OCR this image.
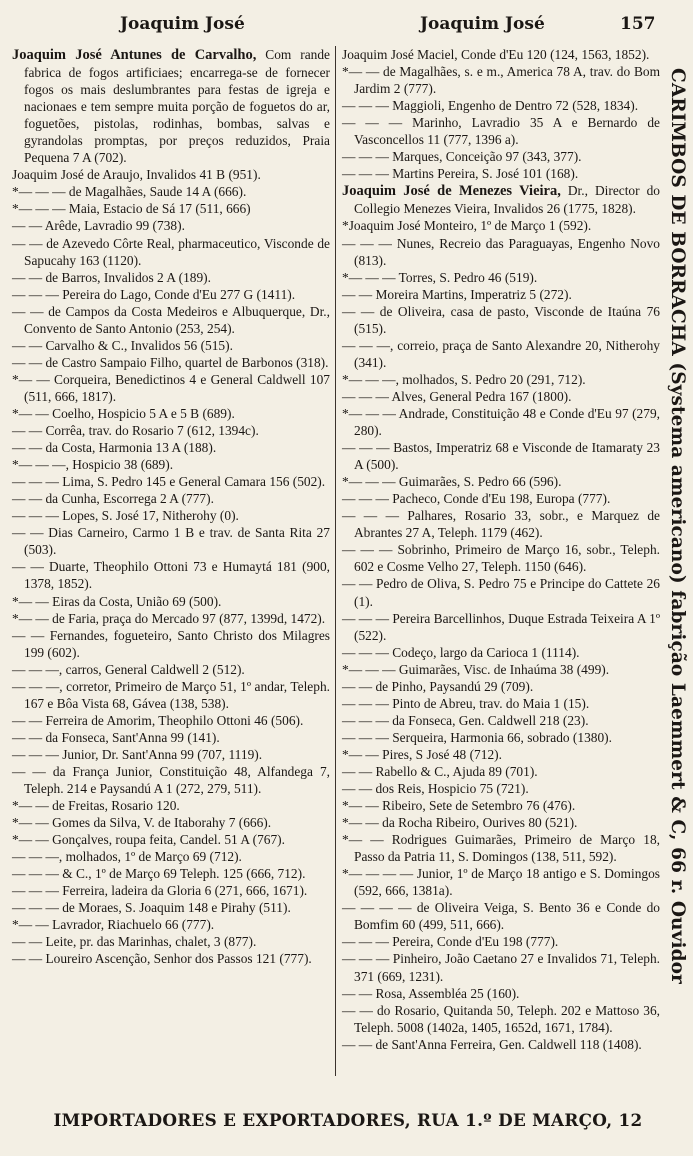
Joaquim José	Joaquim José	157

Joaquim José Antunes de Carvalho, Com rande fabrica de fogos artificiaes; encarrega-se de fornecer fogos os mais deslumbrantes para festas de igreja e nacionaes e tem sempre muita porção de foguetos do ar, foguetões, pistolas, rodinhas, bombas, salvas e gyrandolas promptas, por preços reduzidos, Praia Pequena 7 A (702).

Joaquim José de Araujo, Invalidos 41 B (951).

*— — — de Magalhães, Saude 14 A (666).

*— — — Maia, Estacio de Sá 17 (511, 666)

— — Arêde, Lavradio 99 (738).

— — de Azevedo Côrte Real, pharmaceutico, Visconde de Sapucahy 163 (1120).

— — de Barros, Invalidos 2 A (189).

— — — Pereira do Lago, Conde d'Eu 277 G (1411).

— — de Campos da Costa Medeiros e Albuquerque, Dr., Convento de Santo Antonio (253, 254).

— — Carvalho & C., Invalidos 56 (515).

— — de Castro Sampaio Filho, quartel de Barbonos (318).

*— — Corqueira, Benedictinos 4 e General Caldwell 107 (511, 666, 1817).

*— — Coelho, Hospicio 5 A e 5 B (689).

— — Corrêa, trav. do Rosario 7 (612, 1394c).

— — da Costa, Harmonia 13 A (188).

*— — —, Hospicio 38 (689).

— — — Lima, S. Pedro 145 e General Camara 156 (502).

— — da Cunha, Escorrega 2 A (777).

— — — Lopes, S. José 17, Nitherohy (0).

— — Dias Carneiro, Carmo 1 B e trav. de Santa Rita 27 (503).

— — Duarte, Theophilo Ottoni 73 e Humaytá 181 (900, 1378, 1852).

*— — Eiras da Costa, União 69 (500).

*— — de Faria, praça do Mercado 97 (877, 1399d, 1472).

— — Fernandes, fogueteiro, Santo Christo dos Milagres 199 (602).

— — —, carros, General Caldwell 2 (512).

— — —, corretor, Primeiro de Março 51, 1º andar, Teleph. 167 e Bôa Vista 68, Gávea (138, 538).

— — Ferreira de Amorim, Theophilo Ottoni 46 (506).

— — da Fonseca, Sant'Anna 99 (141).

— — — Junior, Dr. Sant'Anna 99 (707, 1119).

— — da França Junior, Constituição 48, Alfandega 7, Teleph. 214 e Paysandú A 1 (272, 279, 511).

*— — de Freitas, Rosario 120.

*— — Gomes da Silva, V. de Itaborahy 7 (666).

*— — Gonçalves, roupa feita, Candel. 51 A (767).

— — —, molhados, 1º de Março 69 (712).

— — — & C., 1º de Março 69 Teleph. 125 (666, 712).

— — — Ferreira, ladeira da Gloria 6 (271, 666, 1671).

— — — de Moraes, S. Joaquim 148 e Pirahy (511).

*— — Lavrador, Riachuelo 66 (777).

— — Leite, pr. das Marinhas, chalet, 3 (877).

— — Loureiro Ascenção, Senhor dos Passos 121 (777).

Joaquim José Maciel, Conde d'Eu 120 (124, 1563, 1852).

*— — de Magalhães, s. e m., America 78 A, trav. do Bom Jardim 2 (777).

— — — Maggioli, Engenho de Dentro 72 (528, 1834).

— — — Marinho, Lavradio 35 A e Bernardo de Vasconcellos 11 (777, 1396 a).

— — — Marques, Conceição 97 (343, 377).

— — — Martins Pereira, S. José 101 (168).

Joaquim José de Menezes Vieira, Dr., Director do Collegio Menezes Vieira, Invalidos 26 (1775, 1828).

*Joaquim José Monteiro, 1º de Março 1 (592).

— — — Nunes, Recreio das Paraguayas, Engenho Novo (813).

*— — — Torres, S. Pedro 46 (519).

— — Moreira Martins, Imperatriz 5 (272).

— — de Oliveira, casa de pasto, Visconde de Itaúna 76 (515).

— — —, correio, praça de Santo Alexandre 20, Nitherohy (341).

*— — —, molhados, S. Pedro 20 (291, 712).

— — — Alves, General Pedra 167 (1800).

*— — — Andrade, Constituição 48 e Conde d'Eu 97 (279, 280).

— — — Bastos, Imperatriz 68 e Visconde de Itamaraty 23 A (500).

*— — — Guimarães, S. Pedro 66 (596).

— — — Pacheco, Conde d'Eu 198, Europa (777).

— — — Palhares, Rosario 33, sobr., e Marquez de Abrantes 27 A, Teleph. 1179 (462).

— — — Sobrinho, Primeiro de Março 16, sobr., Teleph. 602 e Cosme Velho 27, Teleph. 1150 (646).

— — Pedro de Oliva, S. Pedro 75 e Principe do Cattete 26 (1).

— — — Pereira Barcellinhos, Duque Estrada Teixeira A 1º (522).

— — — Codeço, largo da Carioca 1 (1114).

*— — — Guimarães, Visc. de Inhaúma 38 (499).

— — de Pinho, Paysandú 29 (709).

— — — Pinto de Abreu, trav. do Maia 1 (15).

— — — da Fonseca, Gen. Caldwell 218 (23).

— — — Serqueira, Harmonia 66, sobrado (1380).

*— — Pires, S José 48 (712).

— — Rabello & C., Ajuda 89 (701).

— — dos Reis, Hospicio 75 (721).

*— — Ribeiro, Sete de Setembro 76 (476).

*— — da Rocha Ribeiro, Ourives 80 (521).

*— — Rodrigues Guimarães, Primeiro de Março 18, Passo da Patria 11, S. Domingos (138, 511, 592).

*— — — — Junior, 1º de Março 18 antigo e S. Domingos (592, 666, 1381a).

— — — — de Oliveira Veiga, S. Bento 36 e Conde do Bomfim 60 (499, 511, 666).

— — — Pereira, Conde d'Eu 198 (777).

— — — Pinheiro, João Caetano 27 e Invalidos 71, Teleph. 371 (669, 1231).

— — Rosa, Assembléa 25 (160).

— — do Rosario, Quitanda 50, Teleph. 202 e Mattoso 36, Teleph. 5008 (1402a, 1405, 1652d, 1671, 1784).

— — de Sant'Anna Ferreira, Gen. Caldwell 118 (1408).

CARIMBOS DE BORRACHA (Systema americano) fabrição Laemmert & C, 66 r. Ouvidor
IMPORTADORES E EXPORTADORES, RUA 1.º DE MARÇO, 12
